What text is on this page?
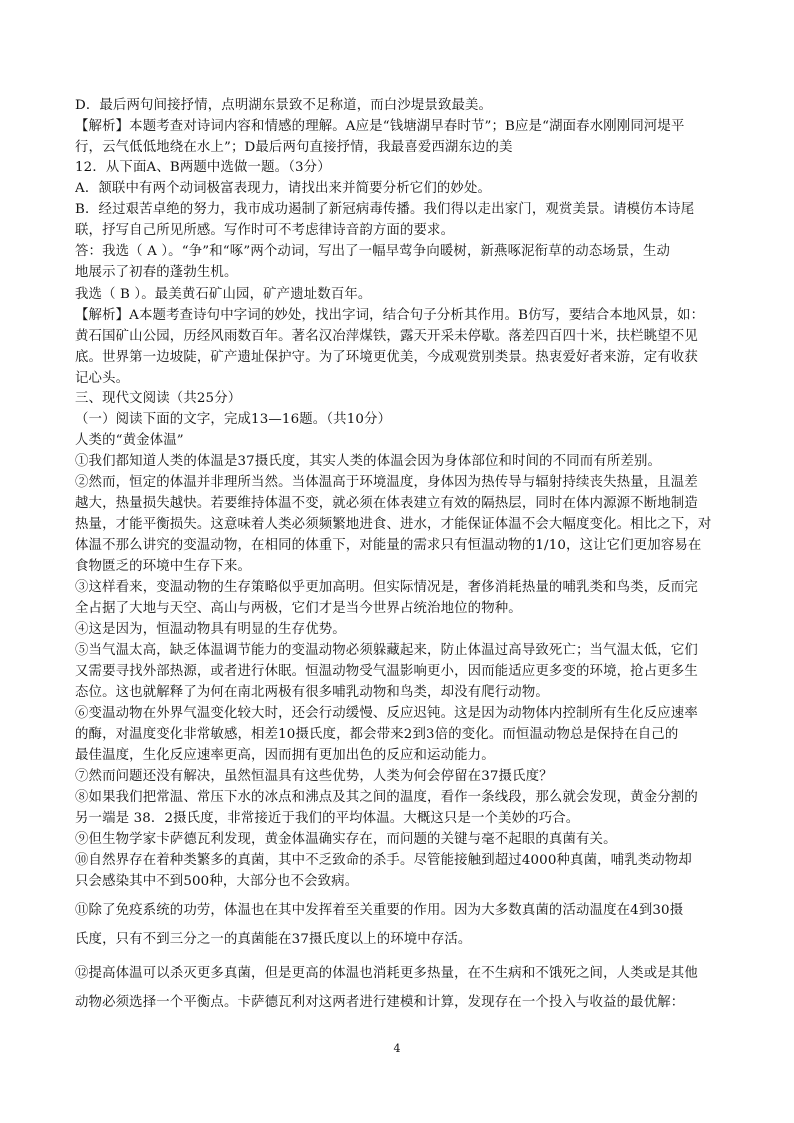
D．最后两句间接抒情，点明湖东景致不足称道，而白沙堤景致最美。
【解析】本题考查对诗词内容和情感的理解。A应是“钱塘湖早春时节”；B应是“湖面春水刚刚同河堤平
行，云气低低地绕在水上”；D最后两句直接抒情，我最喜爱西湖东边的美
12．从下面A、B两题中选做一题。（3分）
A．颔联中有两个动词极富表现力，请找出来并简要分析它们的妙处。
B．经过艰苦卓绝的努力，我市成功遏制了新冠病毒传播。我们得以走出家门，观赏美景。请模仿本诗尾
联，抒写自己所见所感。写作时可不考虑律诗音韵方面的要求。
答：我选（ A ）。“争”和“啄”两个动词，写出了一幅早莺争向暖树，新燕啄泥衔草的动态场景，生动
地展示了初春的蓬勃生机。
我选（ B ）。最美黄石矿山园，矿产遗址数百年。
【解析】A本题考查诗句中字词的妙处，找出字词，结合句子分析其作用。B仿写，要结合本地风景，如：
黄石国矿山公园，历经风雨数百年。著名汉冶萍煤铁，露天开采未停歇。落差四百四十米，扶栏眺望不见
底。世界第一边坡陡，矿产遗址保护守。为了环境更优美，今成观赏别类景。热衷爱好者来游，定有收获
记心头。
三、现代文阅读（共25分）
（一）阅读下面的文字，完成13—16题。（共10分）
人类的“黄金体温”
①我们都知道人类的体温是37摄氏度，其实人类的体温会因为身体部位和时间的不同而有所差别。
②然而，恒定的体温并非理所当然。当体温高于环境温度，身体因为热传导与辐射持续丧失热量，且温差
越大，热量损失越快。若要维持体温不变，就必须在体表建立有效的隔热层，同时在体内源源不断地制造
热量，才能平衡损失。这意味着人类必须频繁地进食、进水，才能保证体温不会大幅度变化。相比之下，对
体温不那么讲究的变温动物，在相同的体重下，对能量的需求只有恒温动物的1/10，这让它们更加容易在
食物匮乏的环境中生存下来。
③这样看来，变温动物的生存策略似乎更加高明。但实际情况是，奢侈消耗热量的哺乳类和鸟类，反而完
全占据了大地与天空、高山与两极，它们才是当今世界占统治地位的物种。
④这是因为，恒温动物具有明显的生存优势。
⑤当气温太高，缺乏体温调节能力的变温动物必须躲藏起来，防止体温过高导致死亡；当气温太低，它们
又需要寻找外部热源，或者进行休眠。恒温动物受气温影响更小，因而能适应更多变的环境，抢占更多生
态位。这也就解释了为何在南北两极有很多哺乳动物和鸟类，却没有爬行动物。
⑥变温动物在外界气温变化较大时，还会行动缓慢、反应迟钝。这是因为动物体内控制所有生化反应速率
的酶，对温度变化非常敏感，相差10摄氏度，都会带来2到3倍的变化。而恒温动物总是保持在自己的
最佳温度，生化反应速率更高，因而拥有更加出色的反应和运动能力。
⑦然而问题还没有解决，虽然恒温具有这些优势，人类为何会停留在37摄氏度？
⑧如果我们把常温、常压下水的冰点和沸点及其之间的温度，看作一条线段，那么就会发现，黄金分割的
另一端是 38．2摄氏度，非常接近于我们的平均体温。大概这只是一个美妙的巧合。
⑨但生物学家卡萨德瓦利发现，黄金体温确实存在，而问题的关键与毫不起眼的真菌有关。
⑩自然界存在着种类繁多的真菌，其中不乏致命的杀手。尽管能接触到超过4000种真菌，哺乳类动物却
只会感染其中不到500种，大部分也不会致病。
⑪除了免疫系统的功劳，体温也在其中发挥着至关重要的作用。因为大多数真菌的活动温度在4到30摄
氏度，只有不到三分之一的真菌能在37摄氏度以上的环境中存活。
⑫提高体温可以杀灭更多真菌，但是更高的体温也消耗更多热量，在不生病和不饿死之间，人类或是其他
动物必须选择一个平衡点。卡萨德瓦利对这两者进行建模和计算，发现存在一个投入与收益的最优解：
4
